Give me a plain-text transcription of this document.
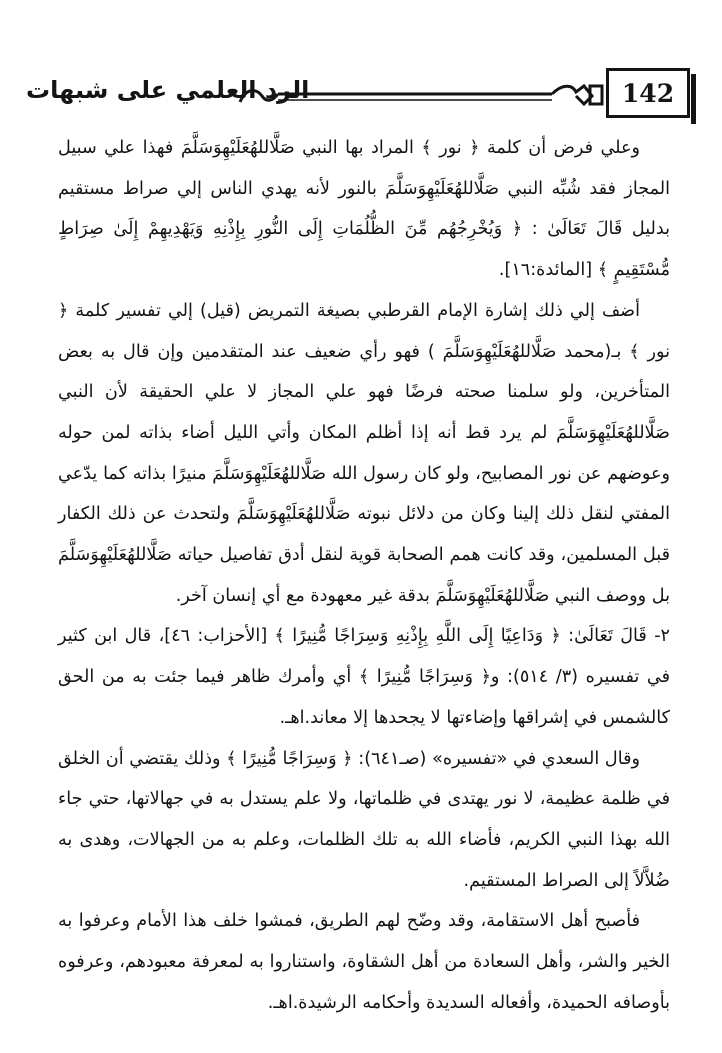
142
الرد العلمي على شبهات

وعلي فرض أن كلمة ﴿ نور ﴾ المراد بها النبي صَلَّاللهُعَلَيْهِوَسَلَّمَ فهذا علي سبيل المجاز فقد شُبِّه النبي صَلَّاللهُعَلَيْهِوَسَلَّمَ بالنور لأنه يهدي الناس إلي صراط مستقيم بدليل قَالَ تَعَالَىٰ : ﴿ وَيُخْرِجُهُم مِّنَ الظُّلُمَاتِ إِلَى النُّورِ بِإِذْنِهِ وَيَهْدِيهِمْ إِلَىٰ صِرَاطٍ مُّسْتَقِيمٍ ﴾ [المائدة:١٦].

أضف إلي ذلك إشارة الإمام القرطبي بصيغة التمريض (قيل) إلي تفسير كلمة ﴿ نور ﴾ بـ(محمد صَلَّاللهُعَلَيْهِوَسَلَّمَ ) فهو رأي ضعيف عند المتقدمين وإن قال به بعض المتأخرين، ولو سلمنا صحته فرضًا فهو علي المجاز لا علي الحقيقة لأن النبي صَلَّاللهُعَلَيْهِوَسَلَّمَ لم يرد قط أنه إذا أظلم المكان وأتي الليل أضاء بذاته لمن حوله وعوضهم عن نور المصابيح، ولو كان رسول الله صَلَّاللهُعَلَيْهِوَسَلَّمَ منيرًا بذاته كما يدّعي المفتي لنقل ذلك إلينا وكان من دلائل نبوته صَلَّاللهُعَلَيْهِوَسَلَّمَ ولتحدث عن ذلك الكفار قبل المسلمين، وقد كانت همم الصحابة قوية لنقل أدق تفاصيل حياته صَلَّاللهُعَلَيْهِوَسَلَّمَ بل ووصف النبي صَلَّاللهُعَلَيْهِوَسَلَّمَ بدقة غير معهودة مع أي إنسان آخر.

٢- قَالَ تَعَالَىٰ: ﴿ وَدَاعِيًا إِلَى اللَّهِ بِإِذْنِهِ وَسِرَاجًا مُّنِيرًا ﴾ [الأحزاب: ٤٦]، قال ابن كثير في تفسيره (٣/ ٥١٤): و﴿ وَسِرَاجًا مُّنِيرًا ﴾ أي وأمرك ظاهر فيما جئت به من الحق كالشمس في إشراقها وإضاءتها لا يجحدها إلا معاند.اهـ.

وقال السعدي في «تفسيره» (صـ٦٤١): ﴿ وَسِرَاجًا مُّنِيرًا ﴾ وذلك يقتضي أن الخلق في ظلمة عظيمة، لا نور يهتدى في ظلماتها، ولا علم يستدل به في جهالاتها، حتي جاء الله بهذا النبي الكريم، فأضاء الله به تلك الظلمات، وعلم به من الجهالات، وهدى به ضُلاَّلاً إلى الصراط المستقيم.

فأصبح أهل الاستقامة، وقد وضّح لهم الطريق، فمشوا خلف هذا الأمام وعرفوا به الخير والشر، وأهل السعادة من أهل الشقاوة، واستناروا به لمعرفة معبودهم، وعرفوه بأوصافه الحميدة، وأفعاله السديدة وأحكامه الرشيدة.اهـ.
